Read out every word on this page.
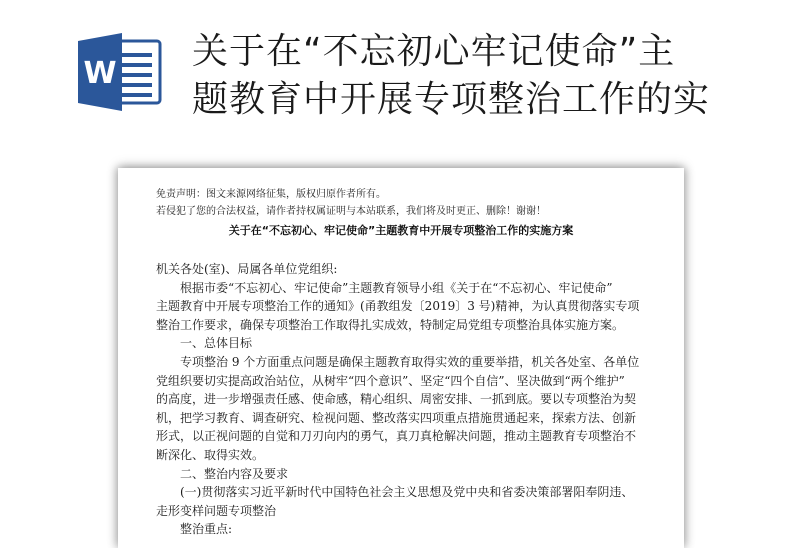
W
关于在“不忘初心牢记使命”主
题教育中开展专项整治工作的实
免责声明：图文来源网络征集，版权归原作者所有。
若侵犯了您的合法权益，请作者持权属证明与本站联系，我们将及时更正、删除！谢谢！
关于在“不忘初心、牢记使命”主题教育中开展专项整治工作的实施方案

机关各处(室)、局属各单位党组织:

根据市委“不忘初心、牢记使命”主题教育领导小组《关于在“不忘初心、牢记使命”

主题教育中开展专项整治工作的通知》(甬教组发〔2019〕3 号)精神，为认真贯彻落实专项

整治工作要求，确保专项整治工作取得扎实成效，特制定局党组专项整治具体实施方案。

一、总体目标

专项整治 9 个方面重点问题是确保主题教育取得实效的重要举措，机关各处室、各单位

党组织要切实提高政治站位，从树牢“四个意识”、坚定“四个自信”、坚决做到“两个维护”

的高度，进一步增强责任感、使命感，精心组织、周密安排、一抓到底。要以专项整治为契

机，把学习教育、调查研究、检视问题、整改落实四项重点措施贯通起来，探索方法、创新

形式，以正视问题的自觉和刀刃向内的勇气，真刀真枪解决问题，推动主题教育专项整治不

断深化、取得实效。

二、整治内容及要求

(一)贯彻落实习近平新时代中国特色社会主义思想及党中央和省委决策部署阳奉阴违、

走形变样问题专项整治

整治重点:
